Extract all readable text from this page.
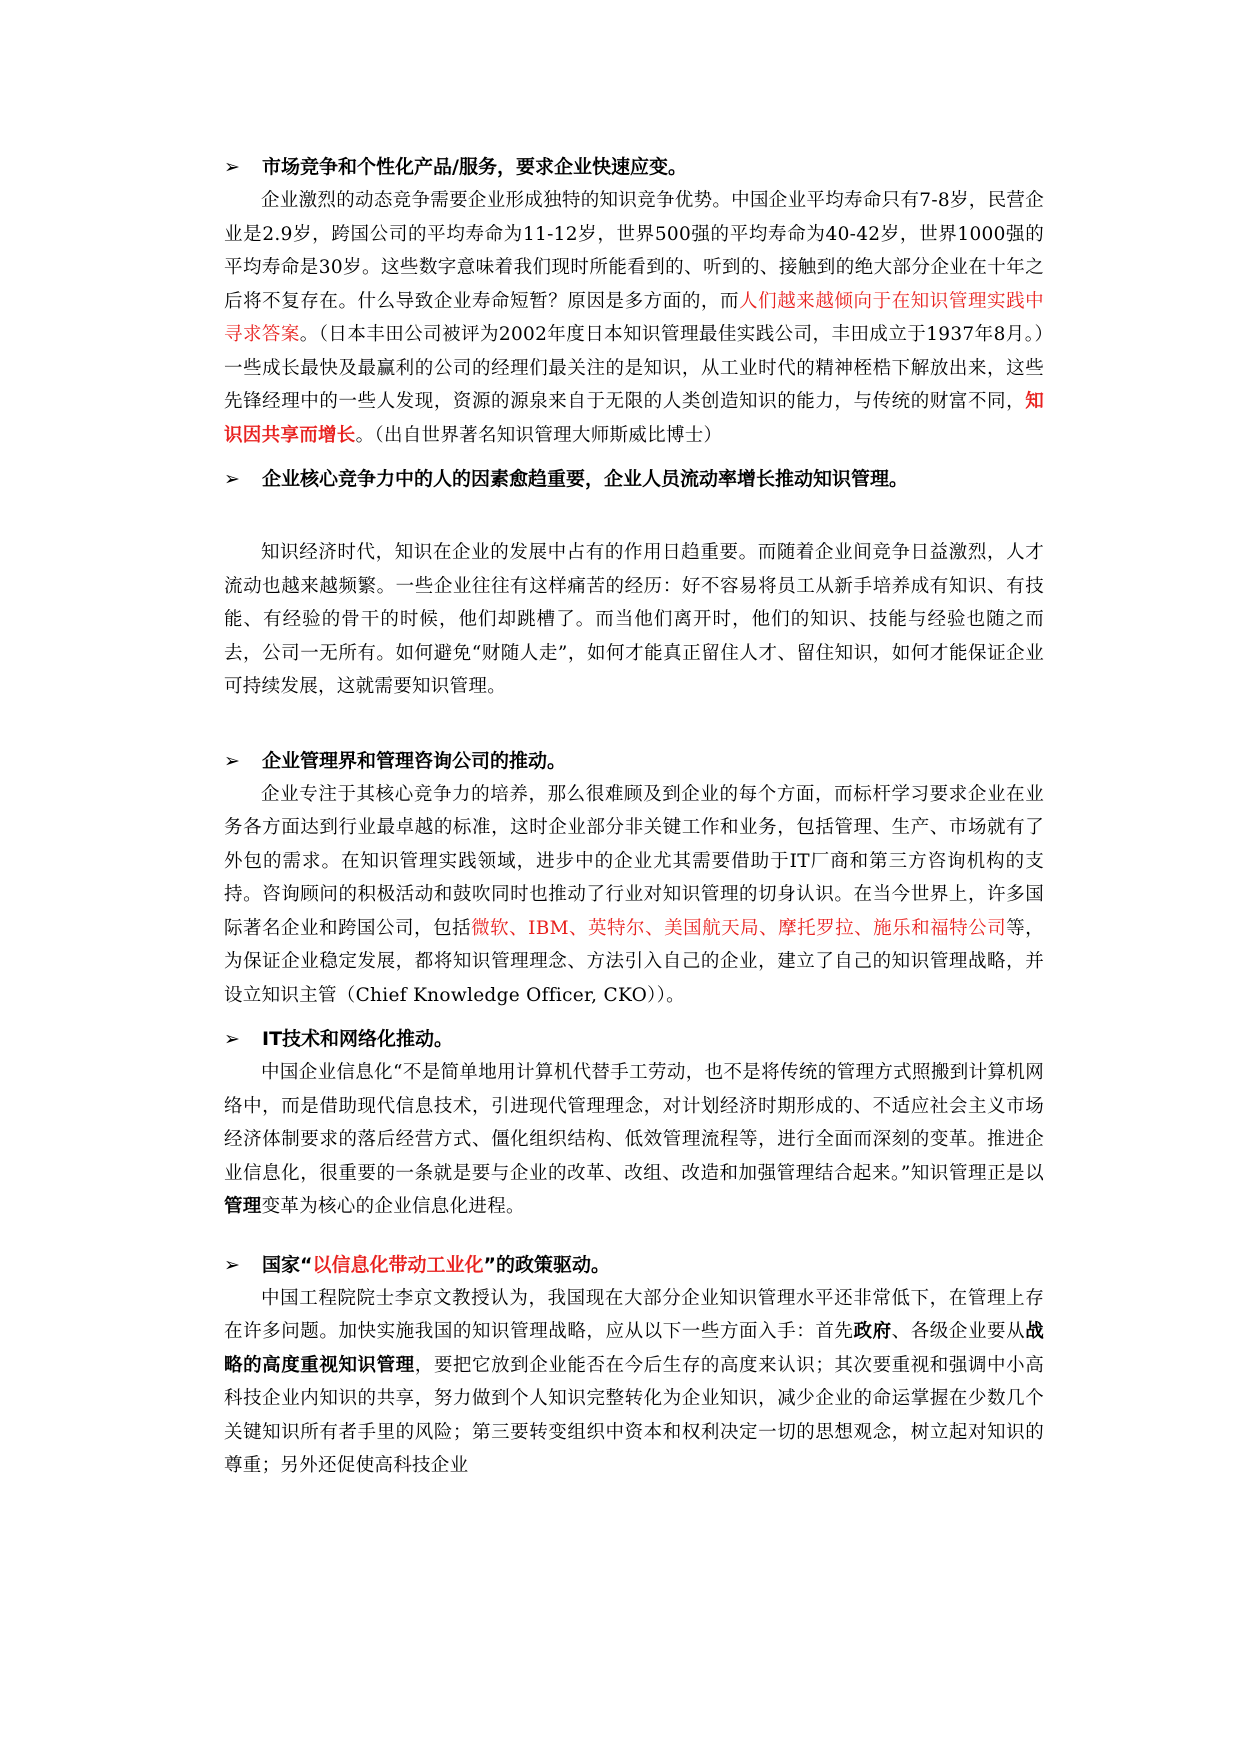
➢ 市场竞争和个性化产品/服务，要求企业快速应变。

企业激烈的动态竞争需要企业形成独特的知识竞争优势。中国企业平均寿命只有7-8岁，民营企业是2.9岁，跨国公司的平均寿命为11-12岁，世界500强的平均寿命为40-42岁，世界1000强的平均寿命是30岁。这些数字意味着我们现时所能看到的、听到的、接触到的绝大部分企业在十年之后将不复存在。什么导致企业寿命短暂？原因是多方面的，而人们越来越倾向于在知识管理实践中寻求答案。（日本丰田公司被评为2002年度日本知识管理最佳实践公司，丰田成立于1937年8月。）一些成长最快及最赢利的公司的经理们最关注的是知识，从工业时代的精神桎梏下解放出来，这些先锋经理中的一些人发现，资源的源泉来自于无限的人类创造知识的能力，与传统的财富不同，知识因共享而增长。（出自世界著名知识管理大师斯威比博士）

➢ 企业核心竞争力中的人的因素愈趋重要，企业人员流动率增长推动知识管理。

知识经济时代，知识在企业的发展中占有的作用日趋重要。而随着企业间竞争日益激烈，人才流动也越来越频繁。一些企业往往有这样痛苦的经历：好不容易将员工从新手培养成有知识、有技能、有经验的骨干的时候，他们却跳槽了。而当他们离开时，他们的知识、技能与经验也随之而去，公司一无所有。如何避免“财随人走”，如何才能真正留住人才、留住知识，如何才能保证企业可持续发展，这就需要知识管理。

➢ 企业管理界和管理咨询公司的推动。

企业专注于其核心竞争力的培养，那么很难顾及到企业的每个方面，而标杆学习要求企业在业务各方面达到行业最卓越的标准，这时企业部分非关键工作和业务，包括管理、生产、市场就有了外包的需求。在知识管理实践领域，进步中的企业尤其需要借助于IT厂商和第三方咨询机构的支持。咨询顾问的积极活动和鼓吹同时也推动了行业对知识管理的切身认识。在当今世界上，许多国际著名企业和跨国公司，包括微软、IBM、英特尔、美国航天局、摩托罗拉、施乐和福特公司等，为保证企业稳定发展，都将知识管理理念、方法引入自己的企业，建立了自己的知识管理战略，并设立知识主管（Chief Knowledge Officer, CKO））。

➢ IT技术和网络化推动。

中国企业信息化“不是简单地用计算机代替手工劳动，也不是将传统的管理方式照搬到计算机网络中，而是借助现代信息技术，引进现代管理理念，对计划经济时期形成的、不适应社会主义市场经济体制要求的落后经营方式、僵化组织结构、低效管理流程等，进行全面而深刻的变革。推进企业信息化，很重要的一条就是要与企业的改革、改组、改造和加强管理结合起来。”知识管理正是以管理变革为核心的企业信息化进程。

➢ 国家“以信息化带动工业化”的政策驱动。

中国工程院院士李京文教授认为，我国现在大部分企业知识管理水平还非常低下，在管理上存在许多问题。加快实施我国的知识管理战略，应从以下一些方面入手：首先政府、各级企业要从战略的高度重视知识管理，要把它放到企业能否在今后生存的高度来认识；其次要重视和强调中小高科技企业内知识的共享，努力做到个人知识完整转化为企业知识，减少企业的命运掌握在少数几个关键知识所有者手里的风险；第三要转变组织中资本和权利决定一切的思想观念，树立起对知识的尊重；另外还促使高科技企业
